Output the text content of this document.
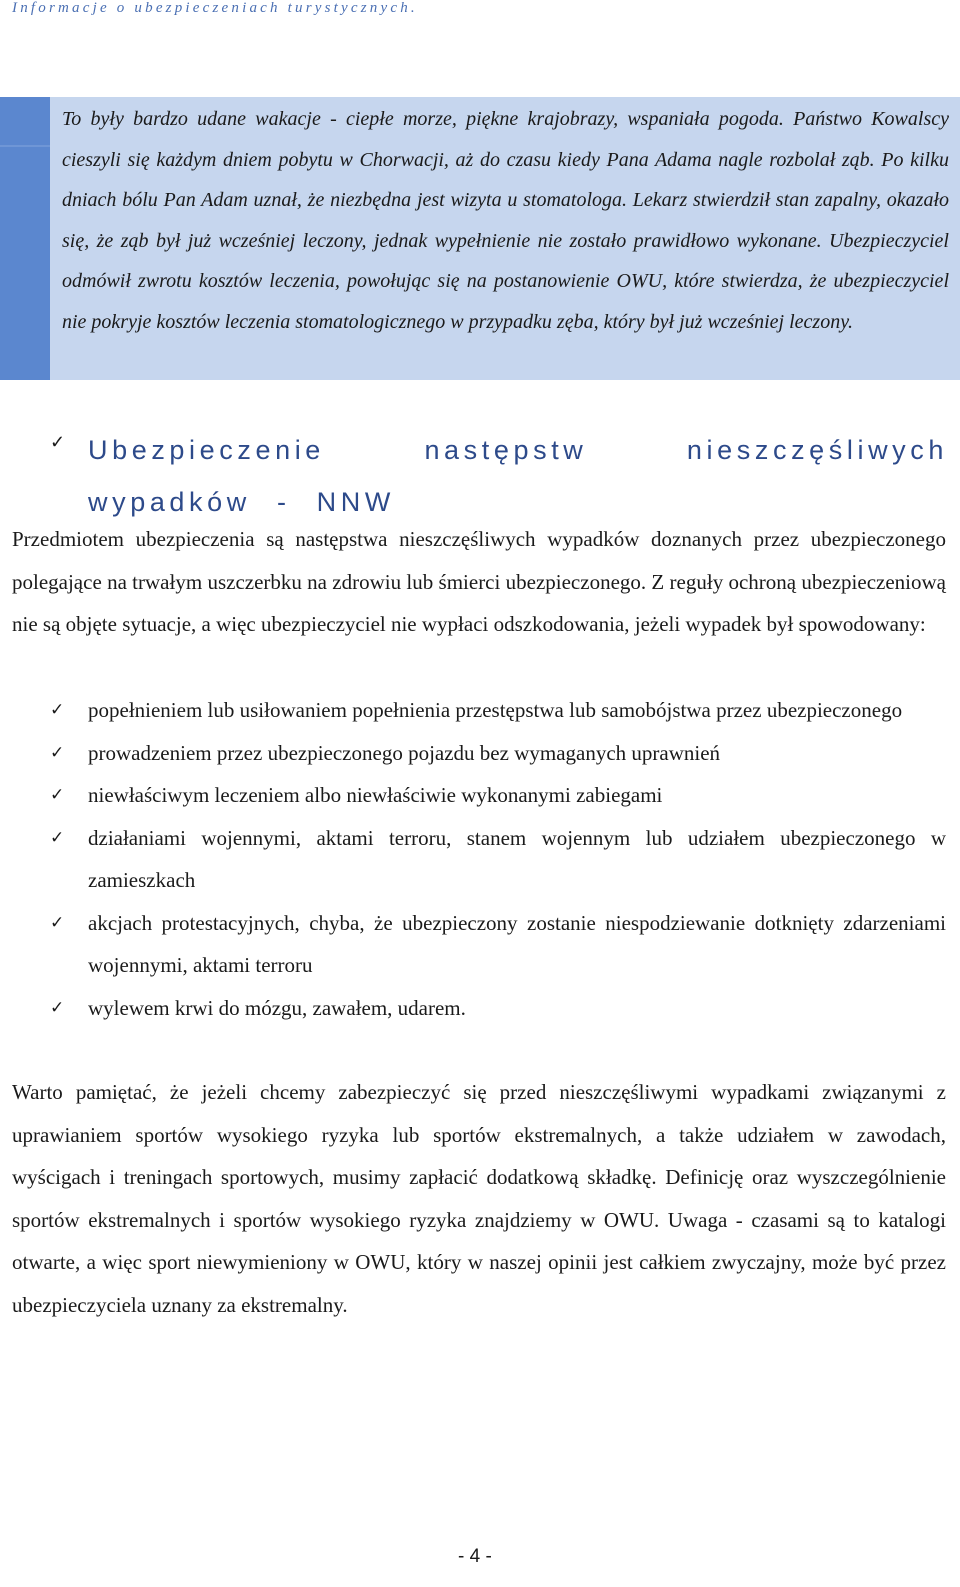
Informacje o ubezpieczeniach turystycznych.
To były bardzo udane wakacje - ciepłe morze, piękne krajobrazy, wspaniała pogoda. Państwo Kowalscy cieszyli się każdym dniem pobytu w Chorwacji, aż do czasu kiedy Pana Adama nagle rozbolał ząb. Po kilku dniach bólu Pan Adam uznał, że niezbędna jest wizyta u stomatologa. Lekarz stwierdził stan zapalny, okazało się, że ząb był już wcześniej leczony, jednak wypełnienie nie zostało prawidłowo wykonane. Ubezpieczyciel odmówił zwrotu kosztów leczenia, powołując się na postanowienie OWU, które stwierdza, że ubezpieczyciel nie pokryje kosztów leczenia stomatologicznego w przypadku zęba, który był już wcześniej leczony.
✓ Ubezpieczenie następstw nieszczęśliwych wypadków - NNW
Przedmiotem ubezpieczenia są następstwa nieszczęśliwych wypadków doznanych przez ubezpieczonego polegające na trwałym uszczerbku na zdrowiu lub śmierci ubezpieczonego. Z reguły ochroną ubezpieczeniową nie są objęte sytuacje, a więc ubezpieczyciel nie wypłaci odszkodowania, jeżeli wypadek był spowodowany:
✓ popełnieniem lub usiłowaniem popełnienia przestępstwa lub samobójstwa przez ubezpieczonego
✓ prowadzeniem przez ubezpieczonego pojazdu bez wymaganych uprawnień
✓ niewłaściwym leczeniem albo niewłaściwie wykonanymi zabiegami
✓ działaniami wojennymi, aktami terroru, stanem wojennym lub udziałem ubezpieczonego w zamieszkach
✓ akcjach protestacyjnych, chyba, że ubezpieczony zostanie niespodziewanie dotknięty zdarzeniami wojennymi, aktami terroru
✓ wylewem krwi do mózgu, zawałem, udarem.
Warto pamiętać, że jeżeli chcemy zabezpieczyć się przed nieszczęśliwymi wypadkami związanymi z uprawianiem sportów wysokiego ryzyka lub sportów ekstremalnych, a także udziałem w zawodach, wyścigach i treningach sportowych, musimy zapłacić dodatkową składkę. Definicję oraz wyszczególnienie sportów ekstremalnych i sportów wysokiego ryzyka znajdziemy w OWU. Uwaga - czasami są to katalogi otwarte, a więc sport niewymieniony w OWU, który w naszej opinii jest całkiem zwyczajny, może być przez ubezpieczyciela uznany za ekstremalny.
- 4 -
